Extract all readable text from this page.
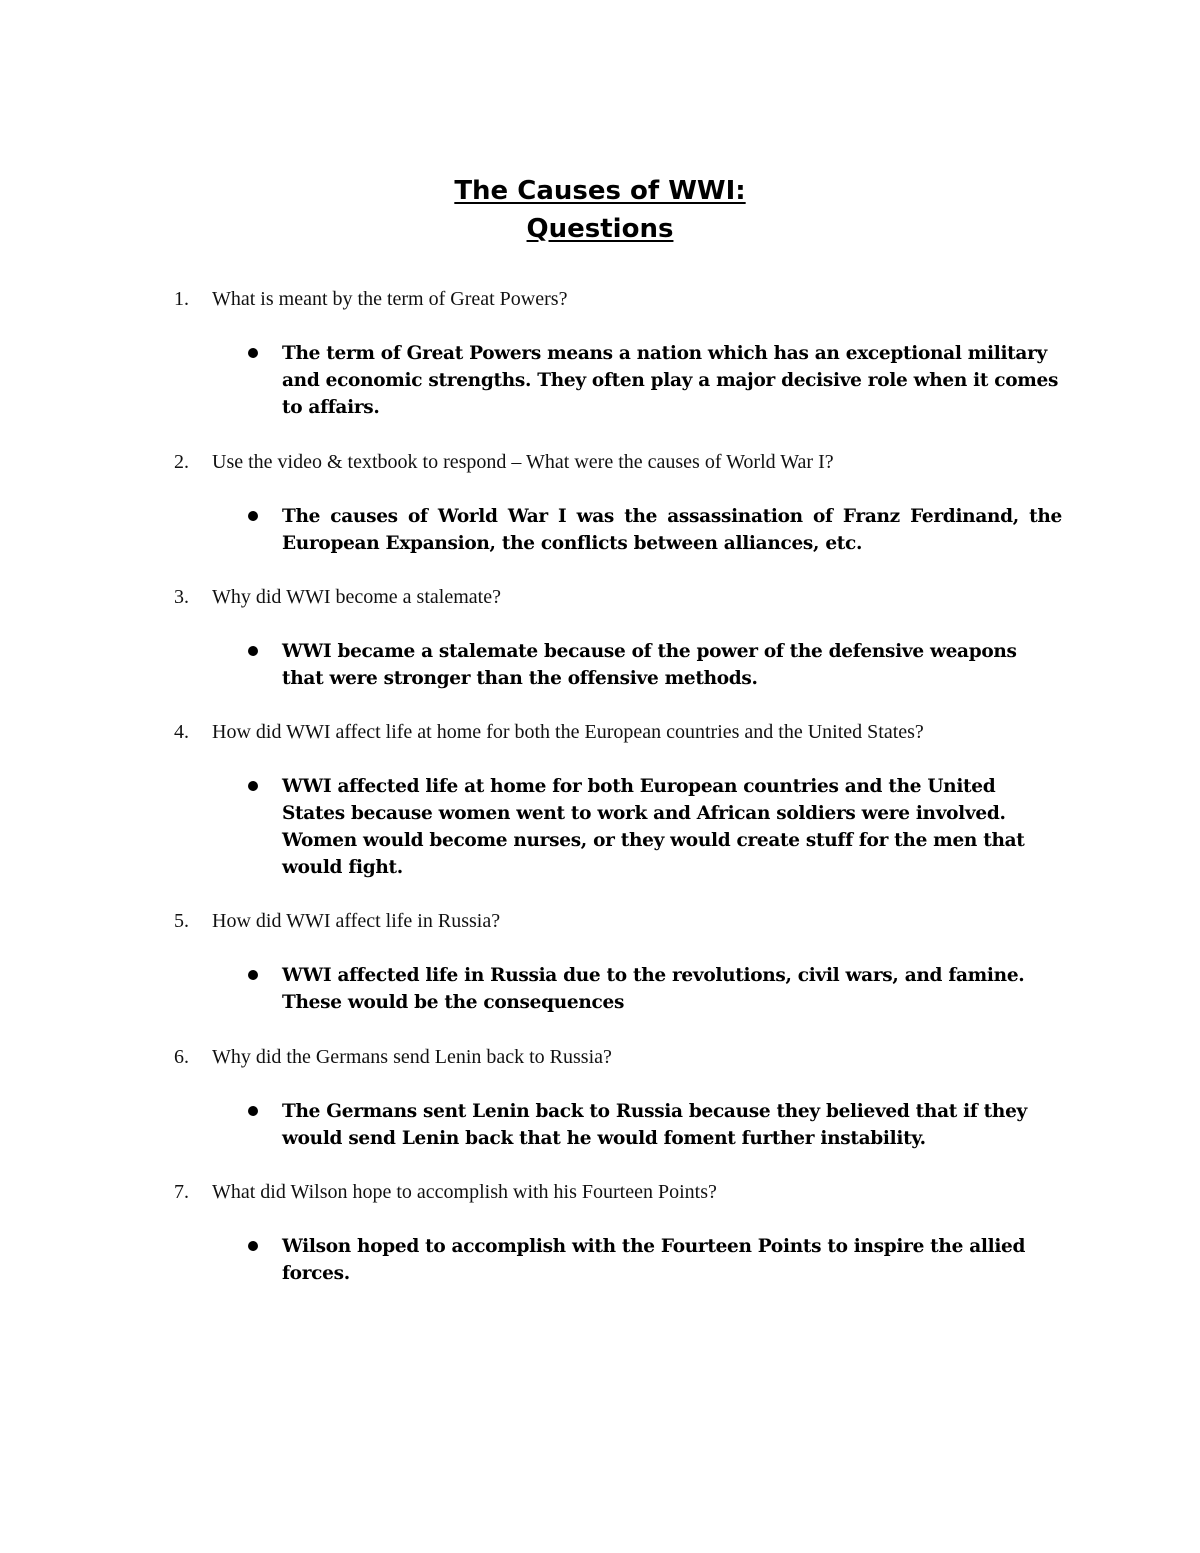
The Causes of WWI:
Questions
1. What is meant by the term of Great Powers?
The term of Great Powers means a nation which has an exceptional military and economic strengths. They often play a major decisive role when it comes to affairs.
2. Use the video & textbook to respond – What were the causes of World War I?
The causes of World War I was the assassination of Franz Ferdinand, the European Expansion, the conflicts between alliances, etc.
3. Why did WWI become a stalemate?
WWI became a stalemate because of the power of the defensive weapons that were stronger than the offensive methods.
4. How did WWI affect life at home for both the European countries and the United States?
WWI affected life at home for both European countries and the United States because women went to work and African soldiers were involved. Women would become nurses, or they would create stuff for the men that would fight.
5. How did WWI affect life in Russia?
WWI affected life in Russia due to the revolutions, civil wars, and famine. These would be the consequences
6. Why did the Germans send Lenin back to Russia?
The Germans sent Lenin back to Russia because they believed that if they would send Lenin back that he would foment further instability.
7. What did Wilson hope to accomplish with his Fourteen Points?
Wilson hoped to accomplish with the Fourteen Points to inspire the allied forces.
